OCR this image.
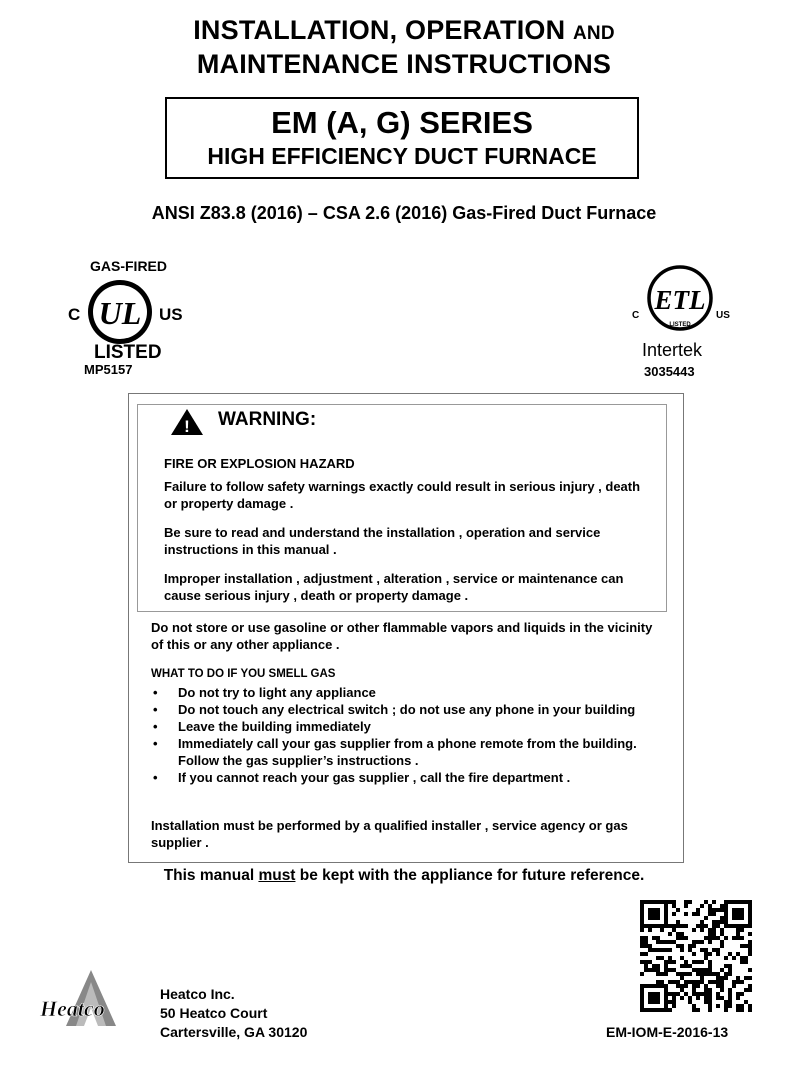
INSTALLATION, OPERATION AND
MAINTENANCE INSTRUCTIONS
EM (A, G) SERIES
HIGH EFFICIENCY DUCT FURNACE
ANSI Z83.8 (2016) – CSA 2.6 (2016) Gas-Fired Duct Furnace
GAS-FIRED
C UL US
LISTED
MP5157
C
ETL
LISTED
US
Intertek
3035443
! WARNING:
FIRE OR EXPLOSION HAZARD
Failure to follow safety warnings exactly could result in serious injury , death or property damage .
Be sure to read and understand the installation , operation and service instructions in this manual .
Improper installation , adjustment , alteration , service or maintenance can cause serious injury , death or property damage .
Do not store or use gasoline or other flammable vapors and liquids in the vicinity of this or any other appliance .
WHAT TO DO IF YOU SMELL GAS
• Do not try to light any appliance
• Do not touch any electrical switch ; do not use any phone in your building
• Leave the building immediately
• Immediately call your gas supplier from a phone remote from the building. Follow the gas supplier’s instructions .
• If you cannot reach your gas supplier , call the fire department .
Installation must be performed by a qualified installer , service agency or gas supplier .
This manual must be kept with the appliance for future reference.
Heatco
Heatco Inc.
50 Heatco Court
Cartersville, GA 30120	EM-IOM-E-2016-13
